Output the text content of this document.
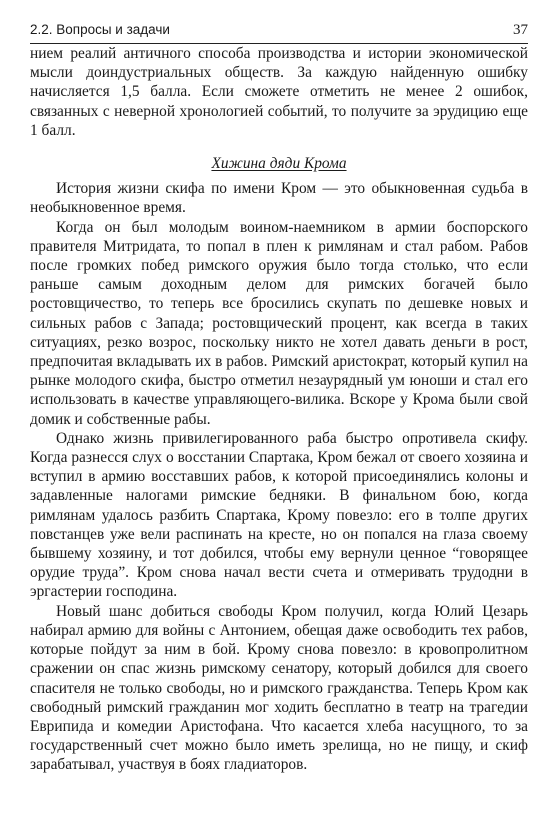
2.2. Вопросы и задачи	37

нием реалий античного способа производства и истории экономической мысли доиндустриальных обществ. За каждую найденную ошибку начисляется 1,5 балла. Если сможете отметить не менее 2 ошибок, связанных с неверной хронологией событий, то получите за эрудицию еще 1 балл.

Хижина дяди Крома

История жизни скифа по имени Кром — это обыкновенная судьба в необыкновенное время.

Когда он был молодым воином-наемником в армии боспорского правителя Митридата, то попал в плен к римлянам и стал рабом. Рабов после громких побед римского оружия было тогда столько, что если раньше самым доходным делом для римских богачей было ростовщичество, то теперь все бросились скупать по дешевке новых и сильных рабов с Запада; ростовщический процент, как всегда в таких ситуациях, резко возрос, поскольку никто не хотел давать деньги в рост, предпочитая вкладывать их в рабов. Римский аристократ, который купил на рынке молодого скифа, быстро отметил незаурядный ум юноши и стал его использовать в качестве управляющего-вилика. Вскоре у Крома были свой домик и собственные рабы.

Однако жизнь привилегированного раба быстро опротивела скифу. Когда разнесся слух о восстании Спартака, Кром бежал от своего хозяина и вступил в армию восставших рабов, к которой присоединялись колоны и задавленные налогами римские бедняки. В финальном бою, когда римлянам удалось разбить Спартака, Крому повезло: его в толпе других повстанцев уже вели распинать на кресте, но он попался на глаза своему бывшему хозяину, и тот добился, чтобы ему вернули ценное “говорящее орудие труда”. Кром снова начал вести счета и отмеривать трудодни в эргастерии господина.

Новый шанс добиться свободы Кром получил, когда Юлий Цезарь набирал армию для войны с Антонием, обещая даже освободить тех рабов, которые пойдут за ним в бой. Крому снова повезло: в кровопролитном сражении он спас жизнь римскому сенатору, который добился для своего спасителя не только свободы, но и римского гражданства. Теперь Кром как свободный римский гражданин мог ходить бесплатно в театр на трагедии Еврипида и комедии Аристофана. Что касается хлеба насущного, то за государственный счет можно было иметь зрелища, но не пищу, и скиф зарабатывал, участвуя в боях гладиаторов.
